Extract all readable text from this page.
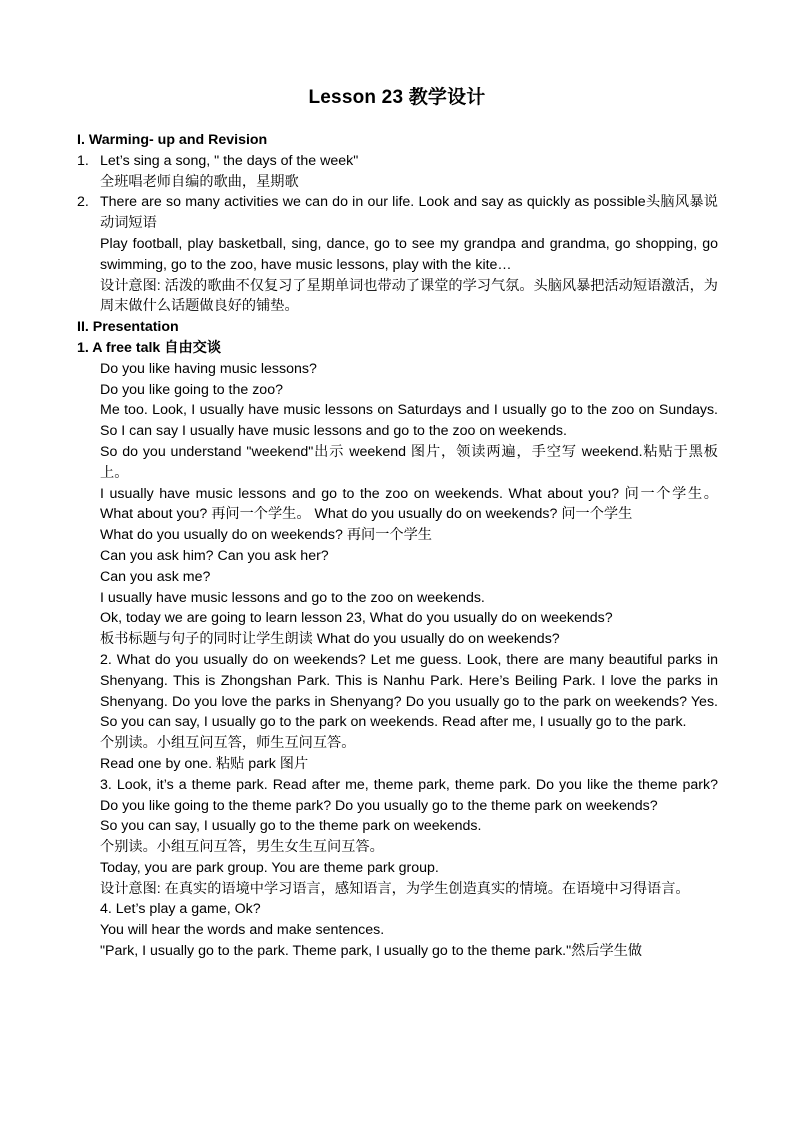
Lesson 23 教学设计
I. Warming- up and Revision
1. Let’s sing a song, " the days of the week"
全班唱老师自编的歌曲，星期歌
2. There are so many activities we can do in our life. Look and say as quickly as possible头脑风暴说动词短语
Play football, play basketball, sing, dance, go to see my grandpa and grandma, go shopping, go swimming, go to the zoo, have music lessons, play with the kite…
设计意图: 活泼的歌曲不仅复习了星期单词也带动了课堂的学习气氛。头脑风暴把活动短语激活，为周末做什么话题做良好的铺垫。
II. Presentation
1. A free talk 自由交谈
Do you like having music lessons?
Do you like going to the zoo?
Me too. Look, I usually have music lessons on Saturdays and I usually go to the zoo on Sundays. So I can say I usually have music lessons and go to the zoo on weekends.
So do you understand "weekend"出示 weekend 图片，领读两遍，手空写 weekend.粘贴于黑板上。
I usually have music lessons and go to the zoo on weekends. What about you? 问一个学生。What about you? 再问一个学生。 What do you usually do on weekends? 问一个学生
What do you usually do on weekends? 再问一个学生
Can you ask him? Can you ask her?
Can you ask me?
I usually have music lessons and go to the zoo on weekends.
Ok, today we are going to learn lesson 23, What do you usually do on weekends?
板书标题与句子的同时让学生朗读 What do you usually do on weekends?
2. What do you usually do on weekends? Let me guess. Look, there are many beautiful parks in Shenyang. This is Zhongshan Park. This is Nanhu Park. Here’s Beiling Park. I love the parks in Shenyang. Do you love the parks in Shenyang? Do you usually go to the park on weekends? Yes. So you can say, I usually go to the park on weekends. Read after me, I usually go to the park.
个别读。小组互问互答，师生互问互答。
Read one by one. 粘贴 park 图片
3. Look, it’s a theme park. Read after me, theme park, theme park. Do you like the theme park? Do you like going to the theme park? Do you usually go to the theme park on weekends?
So you can say, I usually go to the theme park on weekends.
个别读。小组互问互答，男生女生互问互答。
Today, you are park group. You are theme park group.
设计意图: 在真实的语境中学习语言，感知语言，为学生创造真实的情境。在语境中习得语言。
4. Let’s play a game, Ok?
You will hear the words and make sentences.
"Park, I usually go to the park. Theme park, I usually go to the theme park."然后学生做
